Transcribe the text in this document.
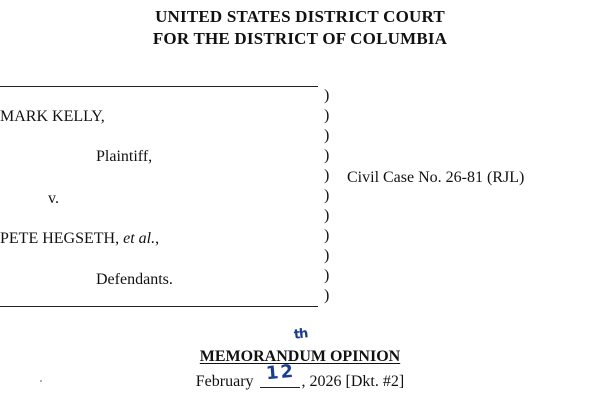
UNITED STATES DISTRICT COURT
FOR THE DISTRICT OF COLUMBIA
MARK KELLY,
Plaintiff,
v.
PETE HEGSETH, et al.,
Defendants.
)
)
)
)
)
)
)
)
)
)
)
Civil Case No. 26-81 (RJL)
th
MEMORANDUM OPINION
February 12 , 2026 [Dkt. #2]
